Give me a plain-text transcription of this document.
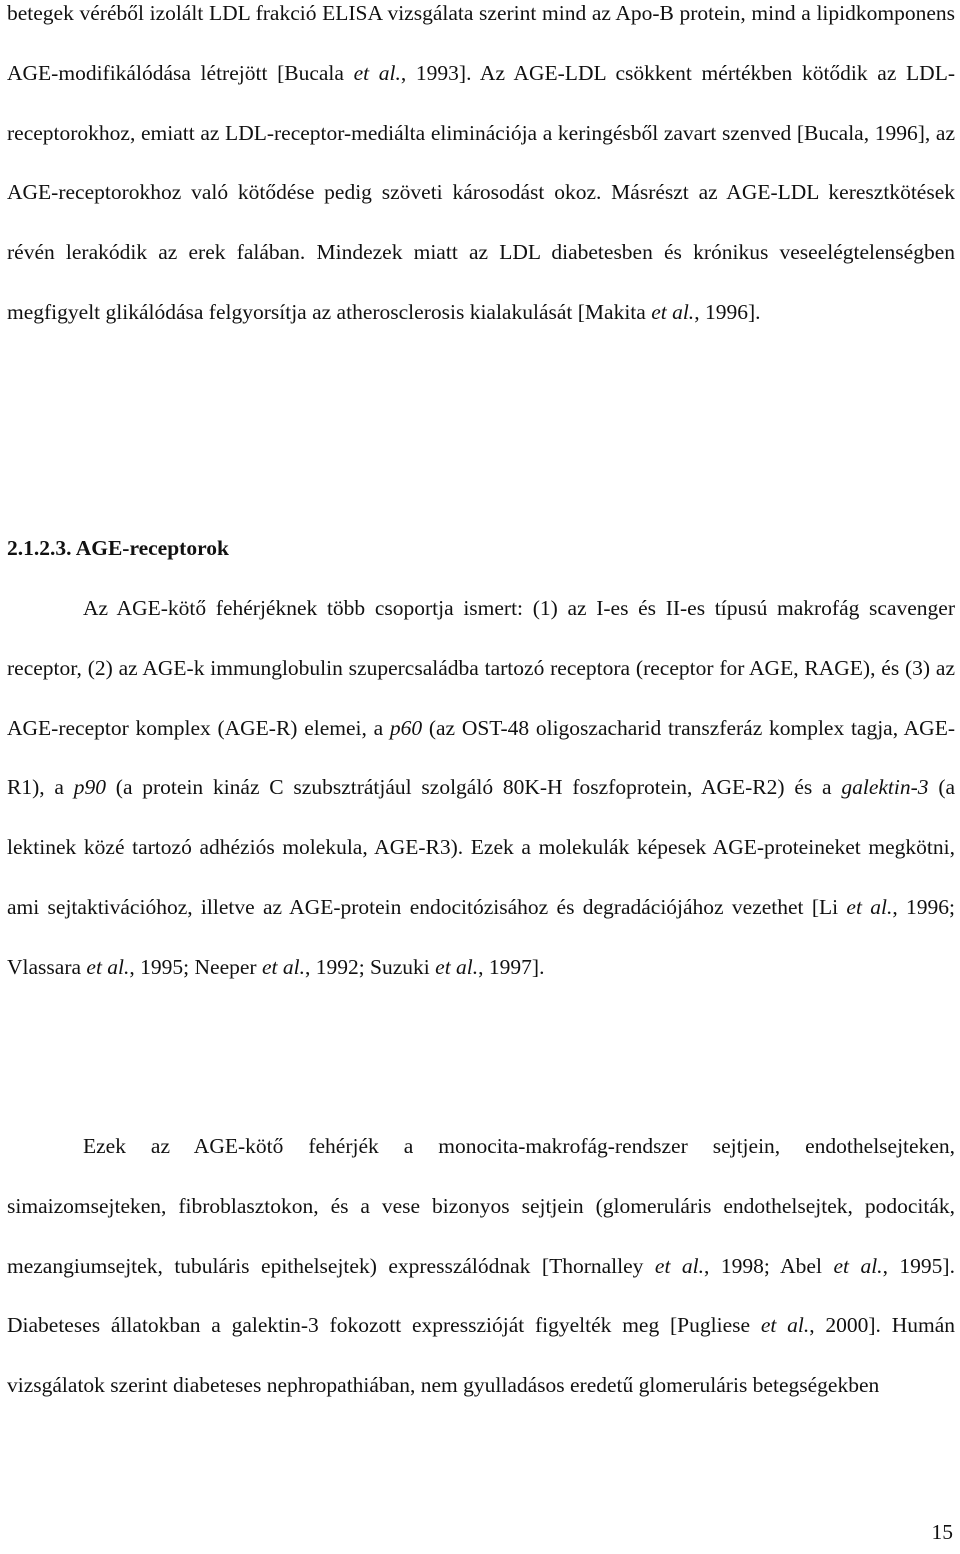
betegek véréből izolált LDL frakció ELISA vizsgálata szerint mind az Apo-B protein, mind a lipidkomponens AGE-modifikálódása létrejött [Bucala et al., 1993]. Az AGE-LDL csökkent mértékben kötődik az LDL-receptorokhoz, emiatt az LDL-receptor-mediálta eliminációja a keringésből zavart szenved [Bucala, 1996], az AGE-receptorokhoz való kötődése pedig szöveti károsodást okoz. Másrészt az AGE-LDL keresztkötések révén lerakódik az erek falában. Mindezek miatt az LDL diabetesben és krónikus veseelégtelenségben megfigyelt glikálódása felgyorsítja az atherosclerosis kialakulását [Makita et al., 1996].

2.1.2.3. AGE-receptorok

Az AGE-kötő fehérjéknek több csoportja ismert: (1) az I-es és II-es típusú makrofág scavenger receptor, (2) az AGE-k immunglobulin szupercsaládba tartozó receptora (receptor for AGE, RAGE), és (3) az AGE-receptor komplex (AGE-R) elemei, a p60 (az OST-48 oligoszacharid transzferáz komplex tagja, AGE-R1), a p90 (a protein kináz C szubsztrátjául szolgáló 80K-H foszfoprotein, AGE-R2) és a galektin-3 (a lektinek közé tartozó adhéziós molekula, AGE-R3). Ezek a molekulák képesek AGE-proteineket megkötni, ami sejtaktivációhoz, illetve az AGE-protein endocitózisához és degradációjához vezethet [Li et al., 1996; Vlassara et al., 1995; Neeper et al., 1992; Suzuki et al., 1997].

Ezek az AGE-kötő fehérjék a monocita-makrofág-rendszer sejtjein, endothelsejteken, simaizomsejteken, fibroblasztokon, és a vese bizonyos sejtjein (glomeruláris endothelsejtek, podociták, mezangiumsejtek, tubuláris epithelsejtek) expresszálódnak [Thornalley et al., 1998; Abel et al., 1995]. Diabeteses állatokban a galektin-3 fokozott expresszióját figyelték meg [Pugliese et al., 2000]. Humán vizsgálatok szerint diabeteses nephropathiában, nem gyulladásos eredetű glomeruláris betegségekben

15
